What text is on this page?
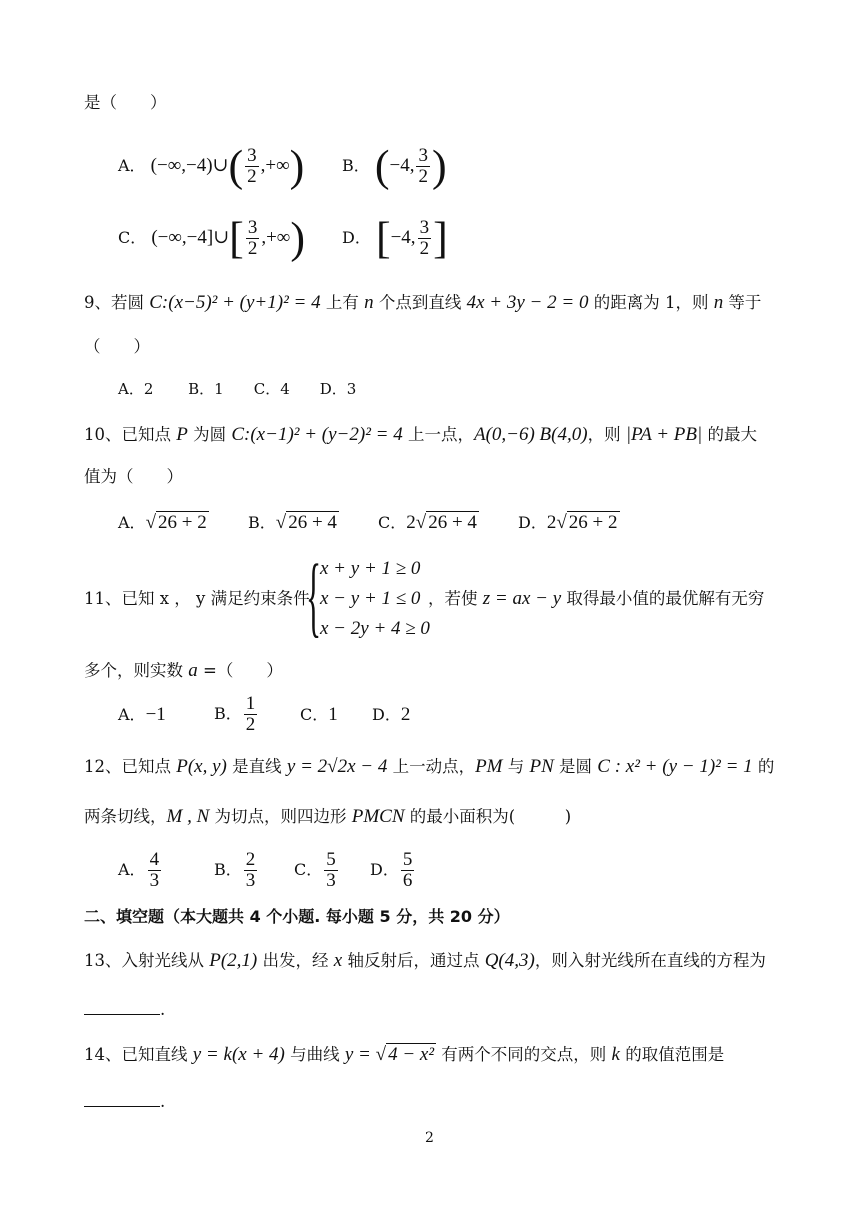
是（　　）
A． (−∞,−4)∪( $\frac{3}{2}$ ,+∞) B． (−4, $\frac{3}{2}$ )
C． (−∞,−4]∪[ $\frac{3}{2}$ ,+∞) D． [−4, $\frac{3}{2}$ ]
9、若圆 C:(x−5)² + (y+1)² = 4 上有 n 个点到直线 4x + 3y − 2 = 0 的距离为 1，则 n 等于
（　　）
A．2　　 B．1　　C．4　　D．3
10、已知点 P 为圆 C:(x−1)² + (y−2)² = 4 上一点，A(0,−6) B(4,0)，则 |PA + PB| 的最大
值为（　　）
A．√ 26 + 2	B．√ 26 + 4	C．2√ 26 + 4	D．2√ 26 + 2
{
x + y + 1 ≥ 0
x − y + 1 ≤ 0
x − 2y + 4 ≥ 0
11、已知 x ， y 满足约束条件	，若使 z = ax − y 取得最小值的最优解有无穷
多个，则实数 a =（　　）
A．−1	B． $\frac{1}{2}$	C．1 D．2
12、已知点 P(x, y) 是直线 y = 2√2x − 4 上一动点，PM 与 PN 是圆 C : x² + (y − 1)² = 1 的
两条切线，M , N 为切点，则四边形 PMCN 的最小面积为(　　　)
A． $\frac{4}{3}$	B． $\frac{2}{3}$ C． $\frac{5}{3}$ D． $\frac{5}{6}$
二、填空题（本大题共 4 个小题. 每小题 5 分，共 20 分）
13、入射光线从 P(2,1) 出发，经 x 轴反射后，通过点 Q(4,3)，则入射光线所在直线的方程为
.
14、已知直线 y = k(x + 4) 与曲线 y = √ 4 − x² 有两个不同的交点，则 k 的取值范围是
.
2
